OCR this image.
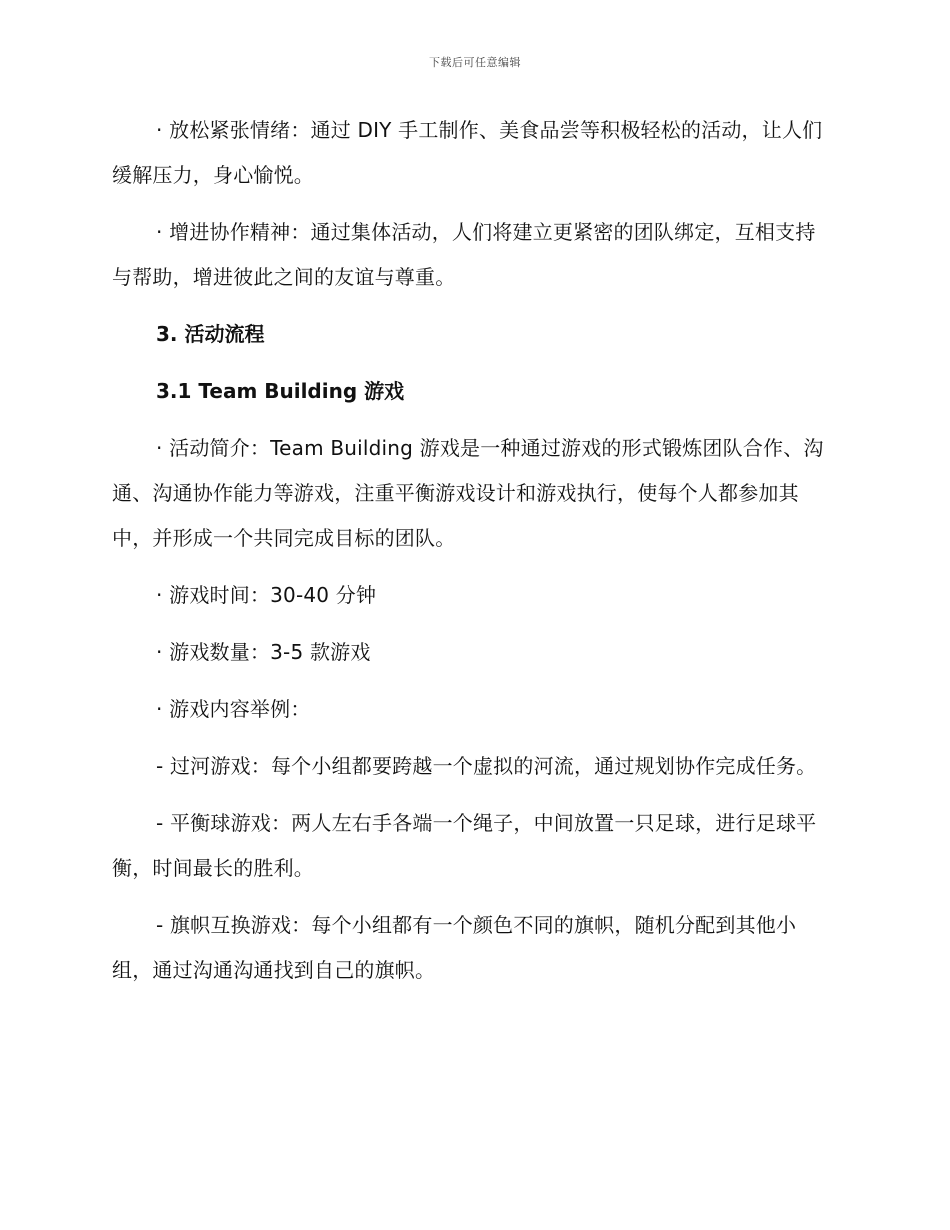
下载后可任意编辑

· 放松紧张情绪：通过 DIY 手工制作、美食品尝等积极轻松的活动，让人们缓解压力，身心愉悦。

· 增进协作精神：通过集体活动，人们将建立更紧密的团队绑定，互相支持与帮助，增进彼此之间的友谊与尊重。

3. 活动流程

3.1 Team Building 游戏

· 活动简介：Team Building 游戏是一种通过游戏的形式锻炼团队合作、沟通、沟通协作能力等游戏，注重平衡游戏设计和游戏执行，使每个人都参加其中，并形成一个共同完成目标的团队。

· 游戏时间：30-40 分钟

· 游戏数量：3-5 款游戏

· 游戏内容举例：

- 过河游戏：每个小组都要跨越一个虚拟的河流，通过规划协作完成任务。

- 平衡球游戏：两人左右手各端一个绳子，中间放置一只足球，进行足球平衡，时间最长的胜利。

- 旗帜互换游戏：每个小组都有一个颜色不同的旗帜，随机分配到其他小组，通过沟通沟通找到自己的旗帜。
